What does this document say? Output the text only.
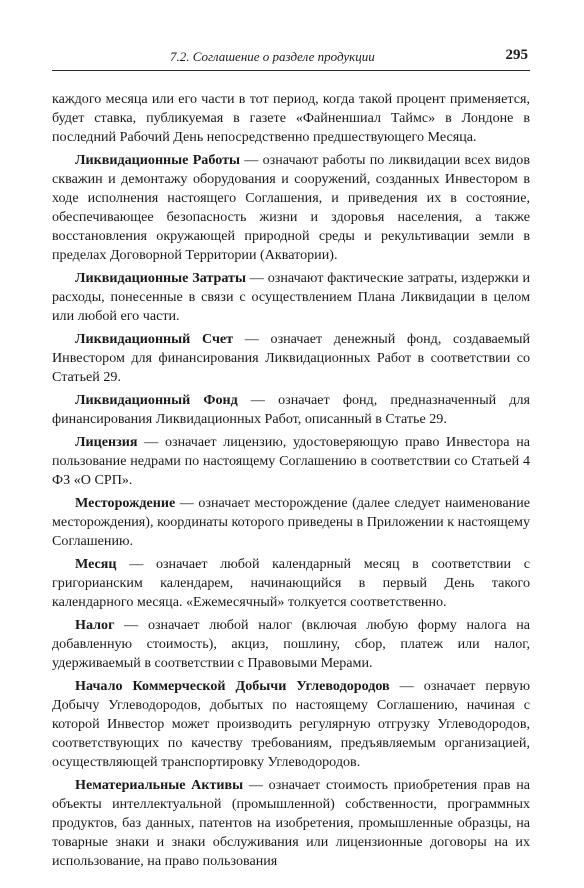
7.2. Соглашение о разделе продукции	295

каждого месяца или его части в тот период, когда такой процент применяется, будет ставка, публикуемая в газете «Файненшиал Таймс» в Лондоне в последний Рабочий День непосредственно предшествующего Месяца.

Ликвидационные Работы — означают работы по ликвидации всех видов скважин и демонтажу оборудования и сооружений, созданных Инвестором в ходе исполнения настоящего Соглашения, и приведения их в состояние, обеспечивающее безопасность жизни и здоровья населения, а также восстановления окружающей природной среды и рекультивации земли в пределах Договорной Территории (Акватории).

Ликвидационные Затраты — означают фактические затраты, издержки и расходы, понесенные в связи с осуществлением Плана Ликвидации в целом или любой его части.

Ликвидационный Счет — означает денежный фонд, создаваемый Инвестором для финансирования Ликвидационных Работ в соответствии со Статьей 29.

Ликвидационный Фонд — означает фонд, предназначенный для финансирования Ликвидационных Работ, описанный в Статье 29.

Лицензия — означает лицензию, удостоверяющую право Инвестора на пользование недрами по настоящему Соглашению в соответствии со Статьей 4 ФЗ «О СРП».

Месторождение — означает месторождение (далее следует наименование месторождения), координаты которого приведены в Приложении к настоящему Соглашению.

Месяц — означает любой календарный месяц в соответствии с григорианским календарем, начинающийся в первый День такого календарного месяца. «Ежемесячный» толкуется соответственно.

Налог — означает любой налог (включая любую форму налога на добавленную стоимость), акциз, пошлину, сбор, платеж или налог, удерживаемый в соответствии с Правовыми Мерами.

Начало Коммерческой Добычи Углеводородов — означает первую Добычу Углеводородов, добытых по настоящему Соглашению, начиная с которой Инвестор может производить регулярную отгрузку Углеводородов, соответствующих по качеству требованиям, предъявляемым организацией, осуществляющей транспортировку Углеводородов.

Нематериальные Активы — означает стоимость приобретения прав на объекты интеллектуальной (промышленной) собственности, программных продуктов, баз данных, патентов на изобретения, промышленные образцы, на товарные знаки и знаки обслуживания или лицензионные договоры на их использование, на право пользования
